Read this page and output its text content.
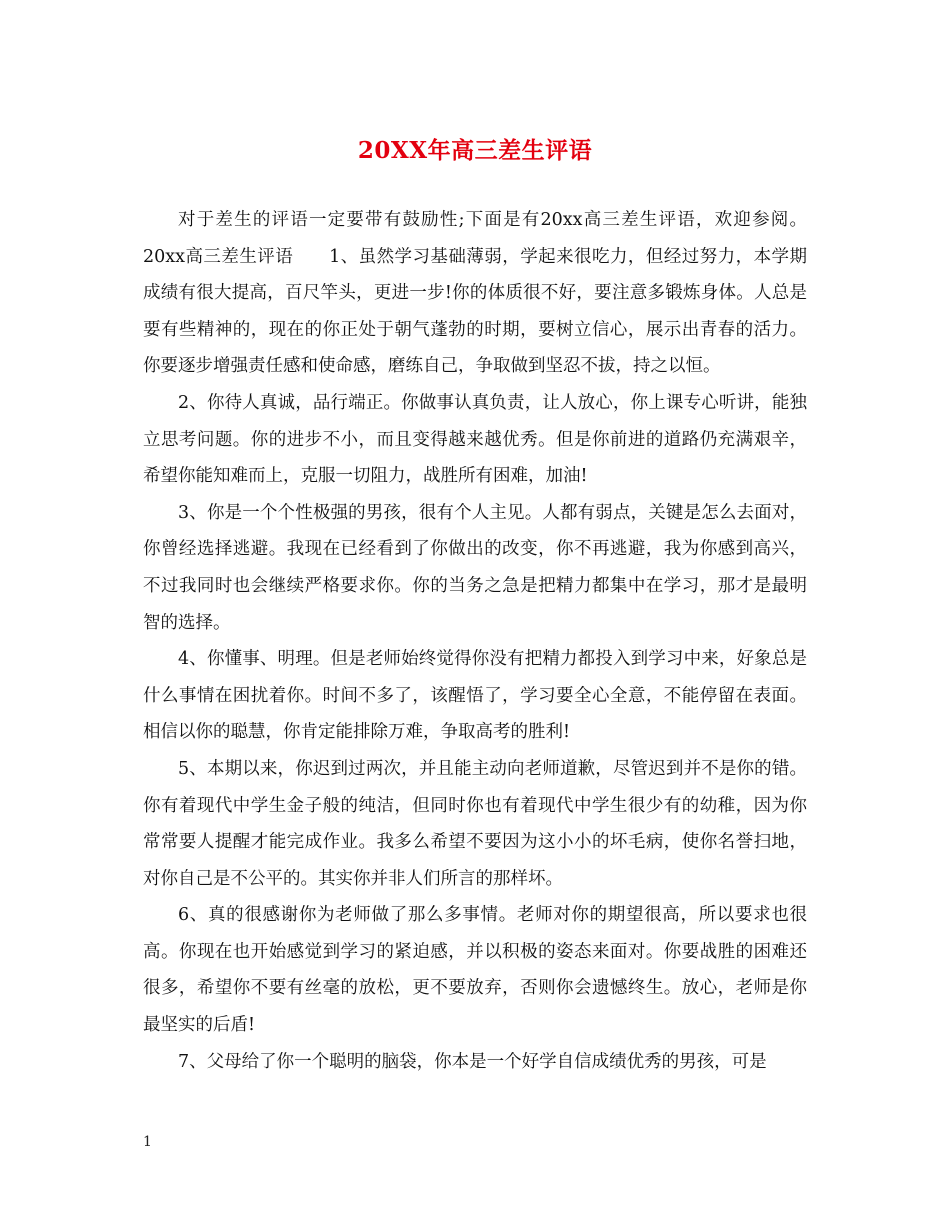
20XX年高三差生评语

对于差生的评语一定要带有鼓励性;下面是有20xx高三差生评语，欢迎参阅。20xx高三差生评语　　1、虽然学习基础薄弱，学起来很吃力，但经过努力，本学期成绩有很大提高，百尺竿头，更进一步!你的体质很不好，要注意多锻炼身体。人总是要有些精神的，现在的你正处于朝气蓬勃的时期，要树立信心，展示出青春的活力。你要逐步增强责任感和使命感，磨练自己，争取做到坚忍不拔，持之以恒。

2、你待人真诚，品行端正。你做事认真负责，让人放心，你上课专心听讲，能独立思考问题。你的进步不小，而且变得越来越优秀。但是你前进的道路仍充满艰辛，希望你能知难而上，克服一切阻力，战胜所有困难，加油!

3、你是一个个性极强的男孩，很有个人主见。人都有弱点，关键是怎么去面对，你曾经选择逃避。我现在已经看到了你做出的改变，你不再逃避，我为你感到高兴，不过我同时也会继续严格要求你。你的当务之急是把精力都集中在学习，那才是最明智的选择。

4、你懂事、明理。但是老师始终觉得你没有把精力都投入到学习中来，好象总是什么事情在困扰着你。时间不多了，该醒悟了，学习要全心全意，不能停留在表面。相信以你的聪慧，你肯定能排除万难，争取高考的胜利!

5、本期以来，你迟到过两次，并且能主动向老师道歉，尽管迟到并不是你的错。你有着现代中学生金子般的纯洁，但同时你也有着现代中学生很少有的幼稚，因为你常常要人提醒才能完成作业。我多么希望不要因为这小小的坏毛病，使你名誉扫地，对你自己是不公平的。其实你并非人们所言的那样坏。

6、真的很感谢你为老师做了那么多事情。老师对你的期望很高，所以要求也很高。你现在也开始感觉到学习的紧迫感，并以积极的姿态来面对。你要战胜的困难还很多，希望你不要有丝毫的放松，更不要放弃，否则你会遗憾终生。放心，老师是你最坚实的后盾!

7、父母给了你一个聪明的脑袋，你本是一个好学自信成绩优秀的男孩，可是

1
